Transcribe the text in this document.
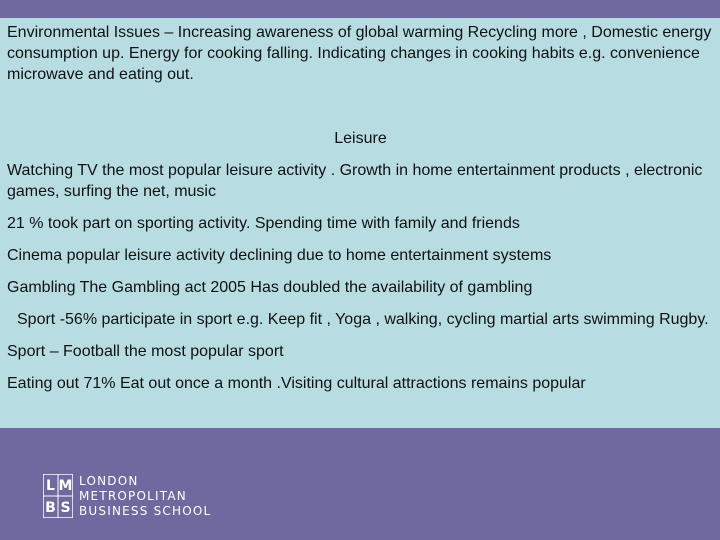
Environmental Issues – Increasing awareness of global warming Recycling more , Domestic energy consumption up. Energy for cooking falling. Indicating changes in cooking habits e.g. convenience microwave and eating out.

Leisure

Watching TV the most popular leisure activity . Growth in home entertainment products , electronic games, surfing the net, music

21 % took part on sporting activity. Spending time with family and friends

Cinema popular leisure activity declining due to home entertainment systems

Gambling The Gambling act 2005 Has doubled the availability of gambling

Sport -56% participate in sport e.g. Keep fit , Yoga , walking, cycling martial arts swimming Rugby.

Sport – Football the most popular sport

Eating out 71% Eat out once a month .Visiting cultural attractions remains popular

L M
B S
LONDON
METROPOLITAN
BUSINESS SCHOOL
